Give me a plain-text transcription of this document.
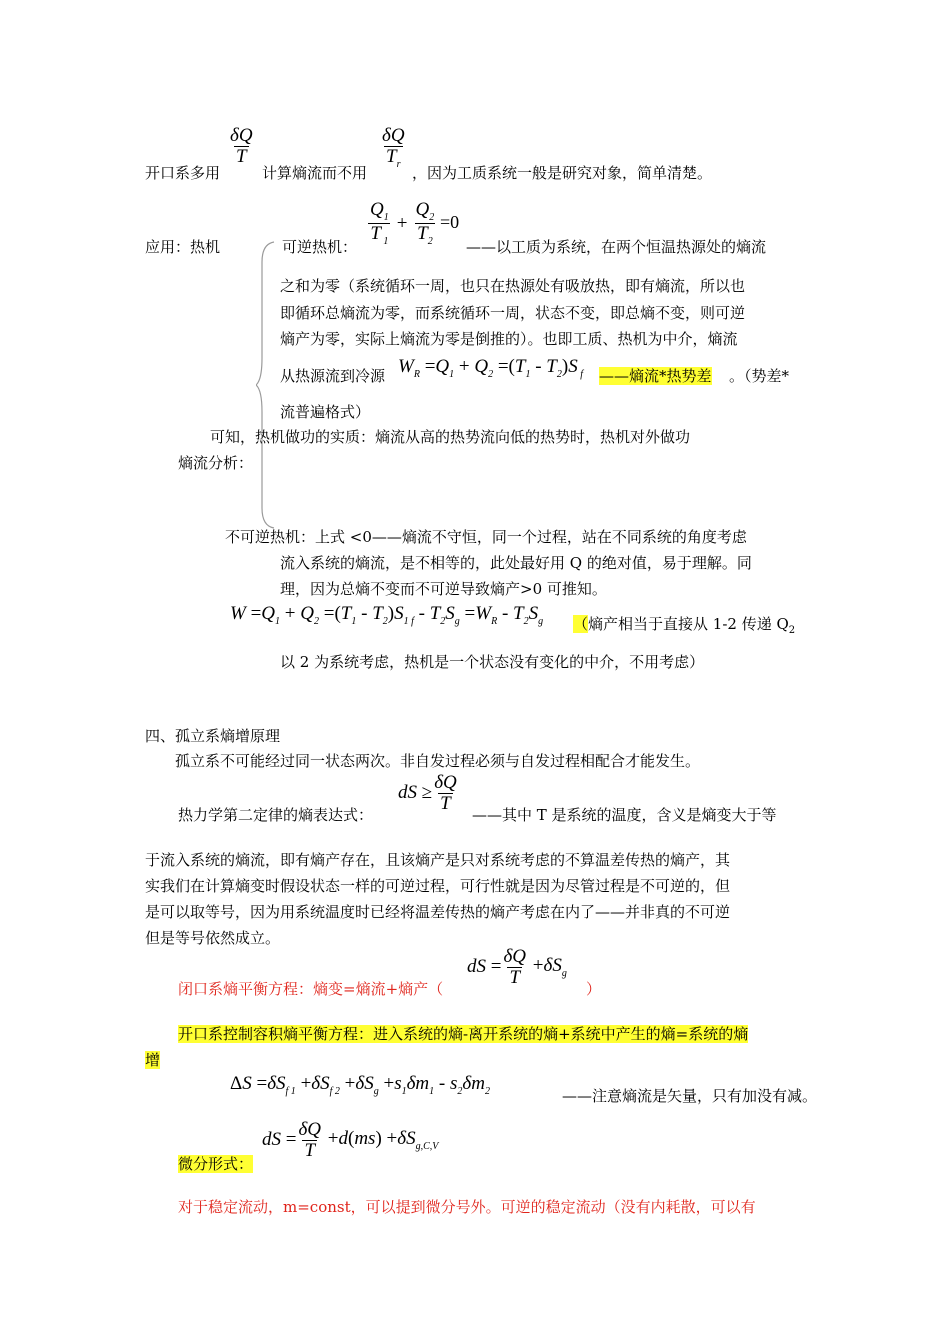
开口系多用
$\frac{\delta Q}{T}$
计算熵流而不用
$\frac{\delta Q}{T_r}$
，因为工质系统一般是研究对象，简单清楚。
应用：热机	可逆热机： $\frac{Q_1}{T _1} + \frac{Q_2}{T_2} =0$
——以工质为系统，在两个恒温热源处的熵流
之和为零（系统循环一周，也只在热源处有吸放热，即有熵流，所以也
即循环总熵流为零，而系统循环一周，状态不变，即总熵不变，则可逆
熵产为零，实际上熵流为零是倒推的）。也即工质、热机为中介，熵流
从热源流到冷源 $W_R =Q_1 + Q_2 =(T_1 - T_2)S$ $_f$ ——熵流*热势差 。（势差*
流普遍格式）
可知，热机做功的实质：熵流从高的热势流向低的热势时，热机对外做功
熵流分析：
不可逆热机：上式 <0——熵流不守恒，同一个过程，站在不同系统的角度考虑
流入系统的熵流，是不相等的，此处最好用 Q 的绝对值，易于理解。同
理，因为总熵不变而不可逆导致熵产>0 可推知。
$W =Q_1 + Q_2 =(T_1 - T_2)S_{1 f} - T_2S_g =W_R - T_2S_g$ （熵产相当于直接从 1-2 传递 $Q_2$
以 2 为系统考虑，热机是一个状态没有变化的中介，不用考虑）
四、孤立系熵增原理
孤立系不可能经过同一状态两次。非自发过程必须与自发过程相配合才能发生。
热力学第二定律的熵表达式：
dS ≥ $\frac{\delta Q}{T}$
——其中 T 是系统的温度，含义是熵变大于等
于流入系统的熵流，即有熵产存在，且该熵产是只对系统考虑的不算温差传热的熵产，其
实我们在计算熵变时假设状态一样的可逆过程，可行性就是因为尽管过程是不可逆的，但
是可以取等号，因为用系统温度时已经将温差传热的熵产考虑在内了——并非真的不可逆
但是等号依然成立。
闭口系熵平衡方程：熵变=熵流+熵产（
dS = $\frac{\delta Q}{T} +\delta S_g$
）
开口系控制容积熵平衡方程：进入系统的熵-离开系统的熵+系统中产生的熵=系统的熵
增
$\Delta S =\delta S_{f 1} +\delta S_{f 2} +\delta S_g +s_1\delta m_1 - s_2\delta m_2$	——注意熵流是矢量，只有加没有减。
微分形式：
dS = $\frac{\delta Q}{T} +d(ms) +\delta S_{g,C,V}$
对于稳定流动，m=const，可以提到微分号外。可逆的稳定流动（没有内耗散，可以有
